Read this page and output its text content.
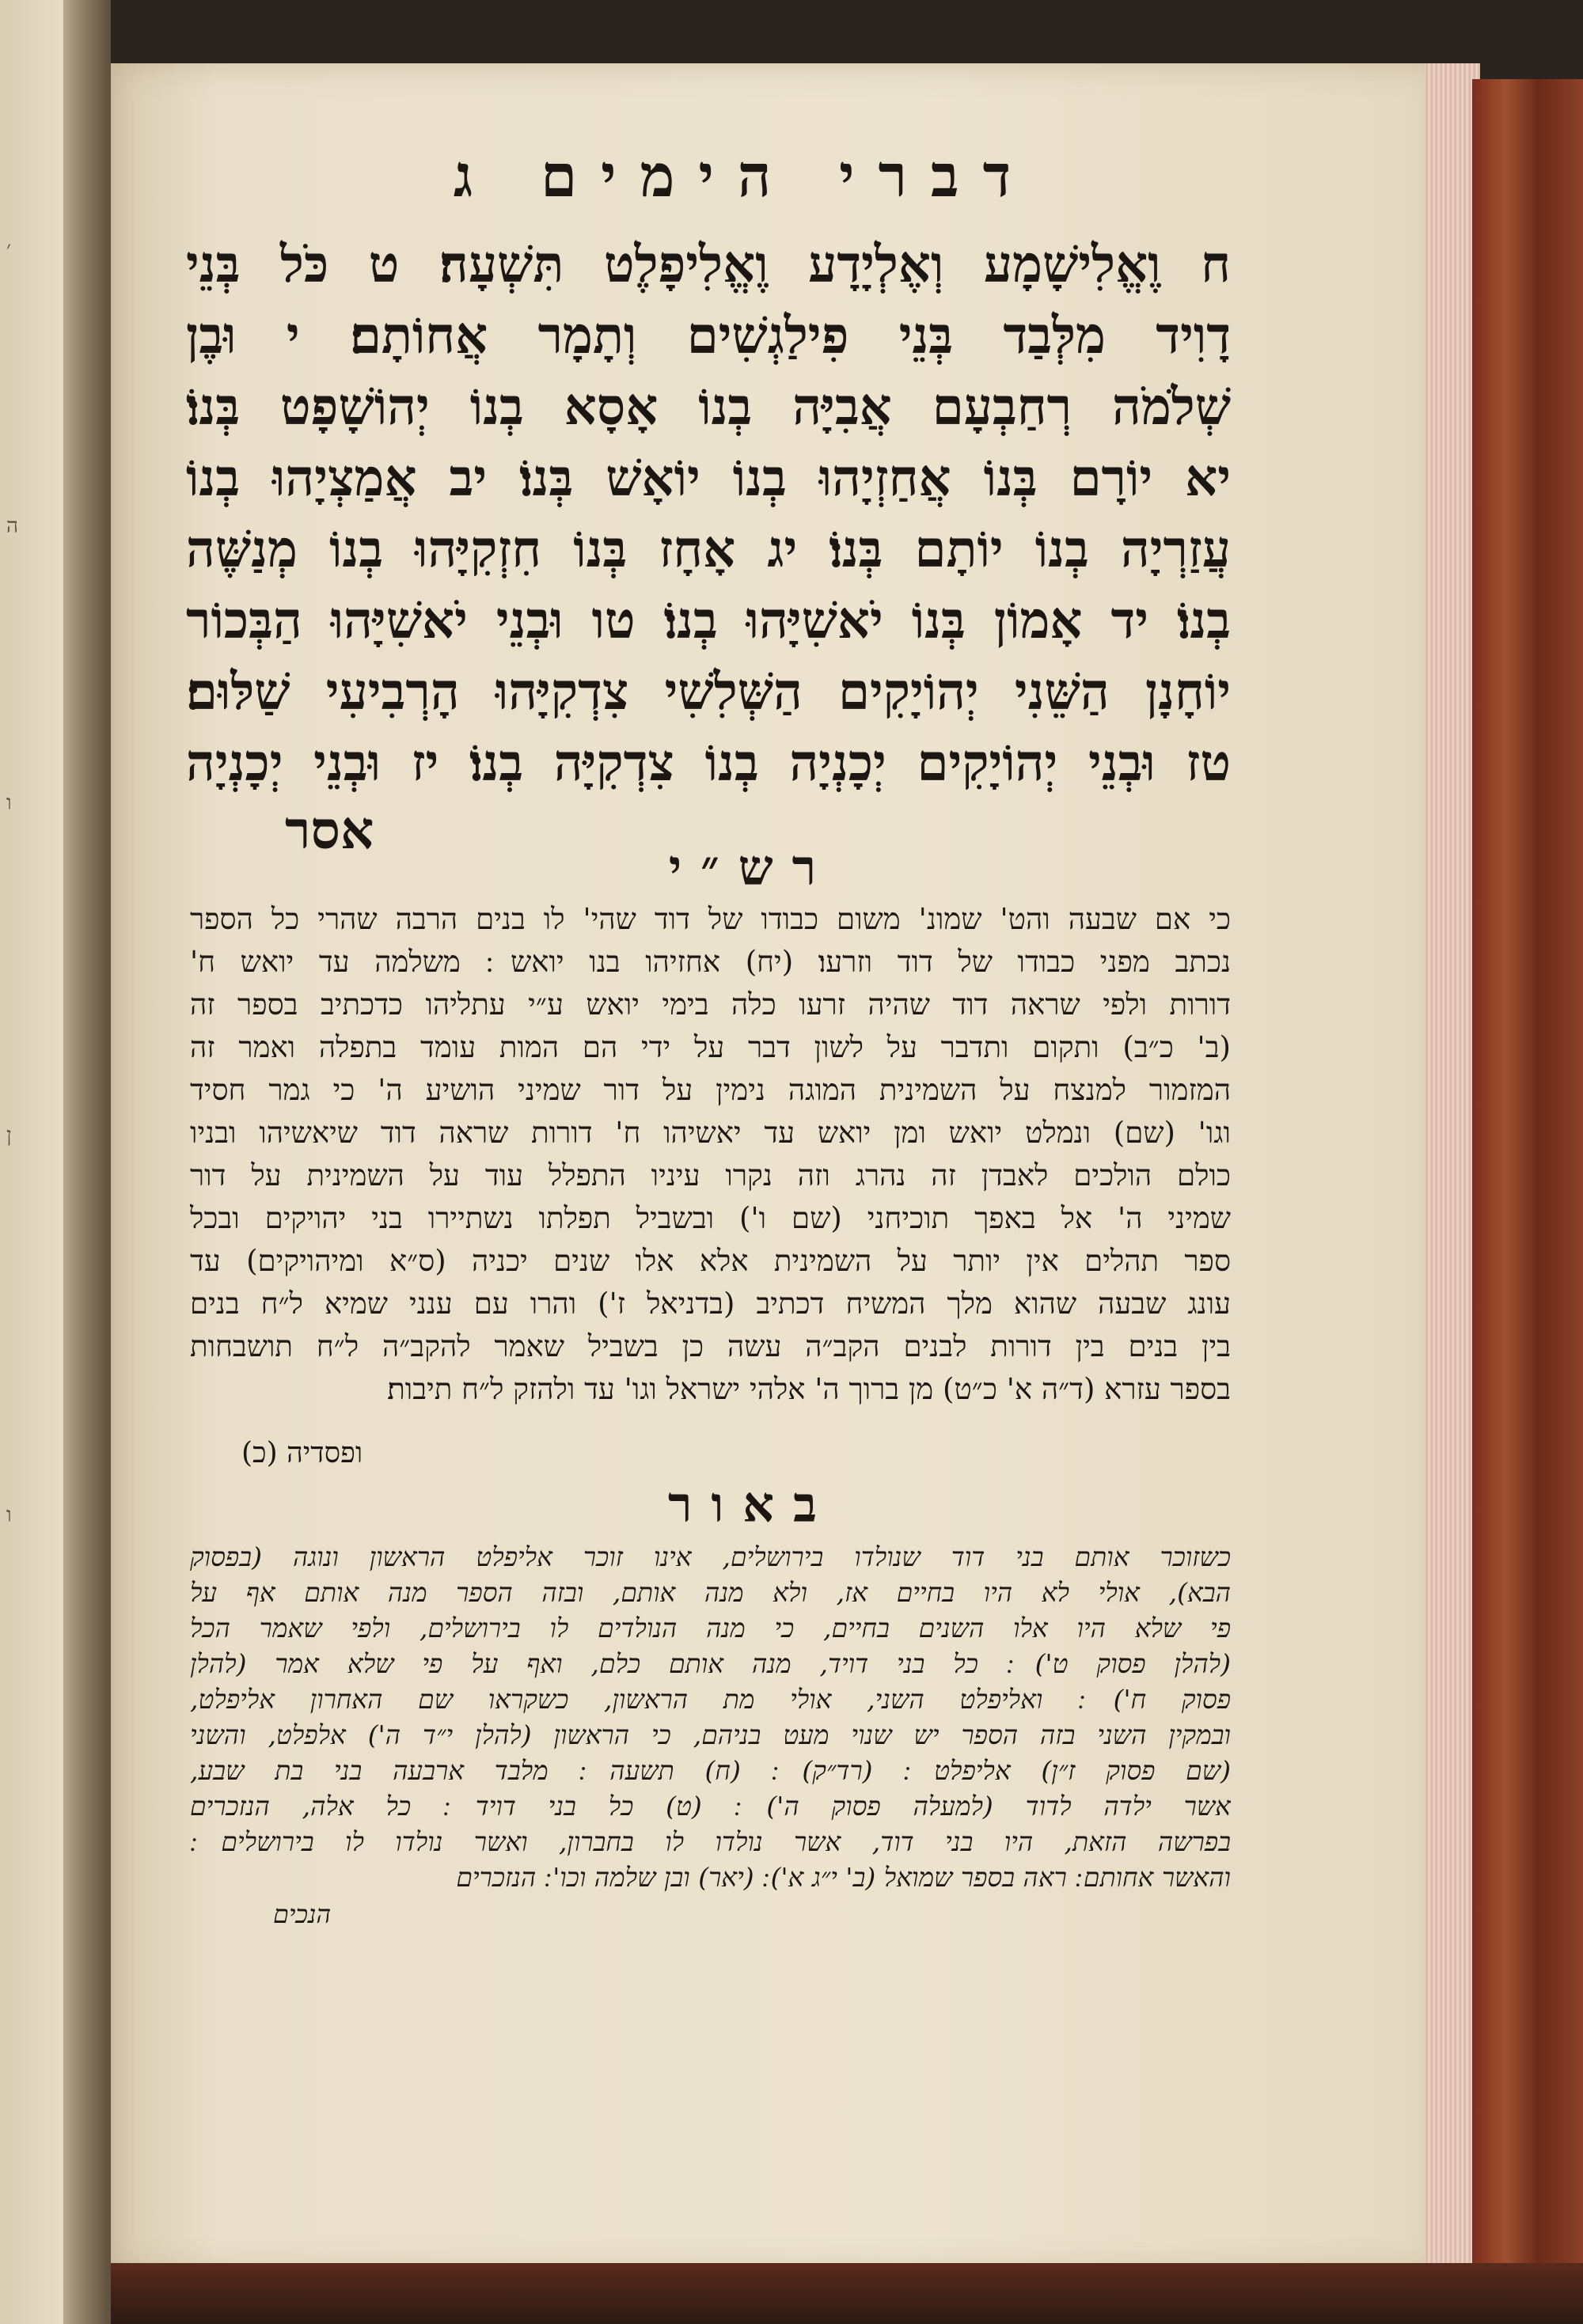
׳
ה
ו
ן
ו
דברי הימים ג

ח וֶאֱלִישָׁמָע וְאֶלְיָדָע וֶאֱלִיפָלֶט תִּשְׁעָה׃ ט כֹּל בְּנֵי

דָוִיד מִלְּבַד בְּנֵי פִילַגְשִׁים וְתָמָר אֲחוֹתָם׃ י וּבֶן

שְׁלֹמֹה רְחַבְעָם אֲבִיָּה בְנוֹ אָסָא בְנוֹ יְהוֹשָׁפָט בְּנוֹ׃

יא יוֹרָם בְּנוֹ אֲחַזְיָהוּ בְנוֹ יוֹאָשׁ בְּנוֹ׃ יב אֲמַצְיָהוּ בְנוֹ

עֲזַרְיָה בְנוֹ יוֹתָם בְּנוֹ׃ יג אָחָז בְּנוֹ חִזְקִיָּהוּ בְנוֹ מְנַשֶּׁה

בְנוֹ׃ יד אָמוֹן בְּנוֹ יֹאשִׁיָּהוּ בְנוֹ׃ טו וּבְנֵי יֹאשִׁיָּהוּ הַבְּכוֹר

יוֹחָנָן הַשֵּׁנִי יְהוֹיָקִים הַשְּׁלִשִׁי צִדְקִיָּהוּ הָרְבִיעִי שַׁלּוּם׃

טז וּבְנֵי יְהוֹיָקִים יְכָנְיָה בְנוֹ צִדְקִיָּה בְנוֹ׃ יז וּבְנֵי יְכָנְיָה

אסר
רש״י

כי אם שבעה והט' שמונ' משום כבודו של דוד שהי' לו בנים הרבה שהרי כל הספר

נכתב מפני כבודו של דוד וזרעו׃ (יח) אחזיהו בנו יואש ׃ משלמה עד יואש ח'

דורות ולפי שראה דוד שהיה זרעו כלה בימי יואש ע״י עתליהו כדכתיב בספר זה

(ב' כ״ב) ותקום ותדבר על לשון דבר על ידי הם המות עומד בתפלה ואמר זה

המזמור למנצח על השמינית המוגה נימין על דור שמיני הושיע ה' כי גמר חסיד

וגו' (שם) ונמלט יואש ומן יואש עד יאשיהו ח' דורות שראה דוד שיאשיהו ובניו

כולם הולכים לאבדן זה נהרג וזה נקרו עיניו התפלל עוד על השמינית על דור

שמיני ה' אל באפך תוכיחני (שם ו') ובשביל תפלתו נשתיירו בני יהויקים ובכל

ספר תהלים אין יותר על השמינית אלא אלו שנים יכניה (ס״א ומיהויקים) עד

עונג שבעה שהוא מלך המשיח דכתיב (בדניאל ז') והרו עם ענני שמיא ל״ח בנים

בין בנים בין דורות לבנים הקב״ה עשה כן בשביל שאמר להקב״ה ל״ח תושבחות

בספר עזרא (ד״ה א' כ״ט) מן ברוך ה' אלהי ישראל וגו' עד ולהזק ל״ח תיבות׃

(כ) ופסדיה
באור

כשזוכר אותם בני דוד שנולדו בירושלים, אינו זוכר אליפלט הראשון ונוגה (בפסוק

הבא), אולי לא היו בחיים אז, ולא מנה אותם, ובזה הספר מנה אותם אף על

פי שלא היו אלו השנים בחיים, כי מנה הנולדים לו בירושלים, ולפי שאמר הכל

(להלן פסוק ט') ׃ כל בני דויד, מנה אותם כלם, ואף על פי שלא אמר (להלן

פסוק ח') ׃ ואליפלט השני, אולי מת הראשון, כשקראו שם האחרון אליפלט,

ובמקין השני בזה הספר יש שנוי מעט בניהם, כי הראשון (להלן י״ד ה') אלפלט, והשני

(שם פסוק ז״ן) אליפלט ׃ (רד״ק) ׃ (ח) תשעה ׃ מלבד ארבעה בני בת שבע,

אשר ילדה לדוד (למעלה פסוק ה') ׃ (ט) כל בני דויד ׃ כל אלה, הנזכרים

בפרשה הזאת, היו בני דוד, אשר נולדו לו בחברון, ואשר נולדו לו בירושלים ׃

והאשר אחותם ׃ ראה בספר שמואל (ב' י״ג א') ׃ (יאר) ובן שלמה וכו' ׃ הנזכרים

הנכים
